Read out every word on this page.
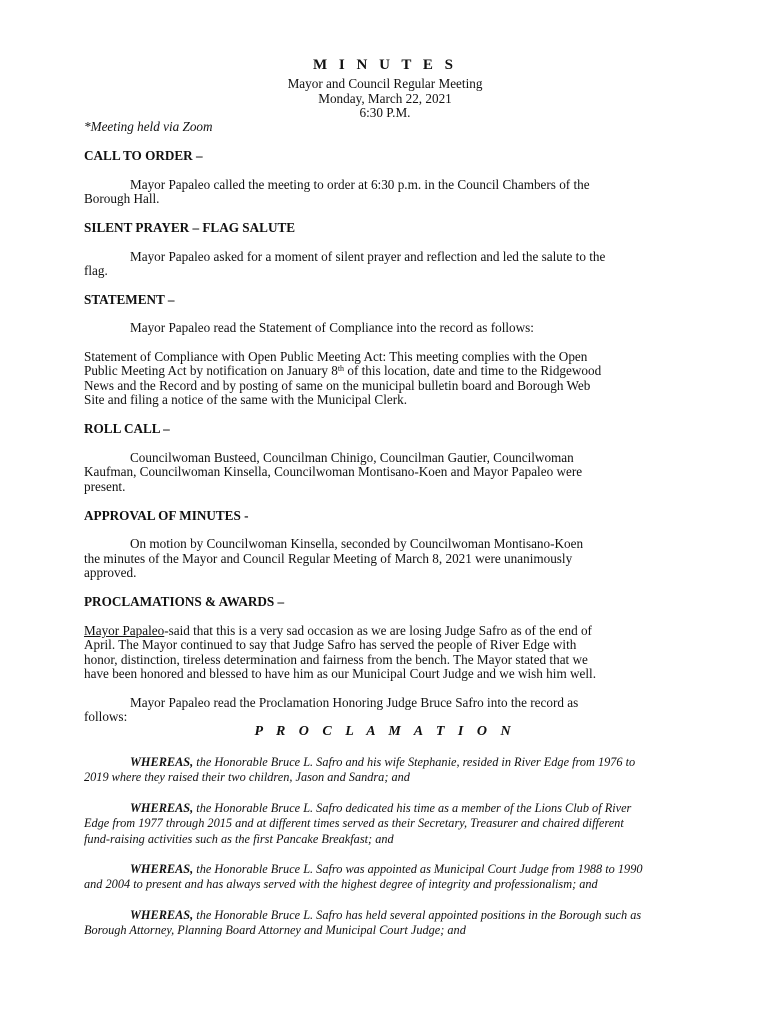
M I N U T E S
Mayor and Council Regular Meeting
Monday, March 22, 2021
6:30 P.M.
*Meeting held via Zoom
CALL TO ORDER –
Mayor Papaleo called the meeting to order at 6:30 p.m. in the Council Chambers of the
Borough Hall.
SILENT PRAYER – FLAG SALUTE
Mayor Papaleo asked for a moment of silent prayer and reflection and led the salute to the
flag.
STATEMENT –
Mayor Papaleo read the Statement of Compliance into the record as follows:
Statement of Compliance with Open Public Meeting Act: This meeting complies with the Open
Public Meeting Act by notification on January 8th of this location, date and time to the Ridgewood
News and the Record and by posting of same on the municipal bulletin board and Borough Web
Site and filing a notice of the same with the Municipal Clerk.
ROLL CALL –
Councilwoman Busteed, Councilman Chinigo, Councilman Gautier, Councilwoman
Kaufman, Councilwoman Kinsella, Councilwoman Montisano-Koen and Mayor Papaleo were
present.
APPROVAL OF MINUTES -
On motion by Councilwoman Kinsella, seconded by Councilwoman Montisano-Koen
the minutes of the Mayor and Council Regular Meeting of March 8, 2021 were unanimously
approved.
PROCLAMATIONS & AWARDS –
Mayor Papaleo-said that this is a very sad occasion as we are losing Judge Safro as of the end of
April. The Mayor continued to say that Judge Safro has served the people of River Edge with
honor, distinction, tireless determination and fairness from the bench. The Mayor stated that we
have been honored and blessed to have him as our Municipal Court Judge and we wish him well.
Mayor Papaleo read the Proclamation Honoring Judge Bruce Safro into the record as
follows:
P R O C L A M A T I O N
WHEREAS, the Honorable Bruce L. Safro and his wife Stephanie, resided in River Edge from 1976 to
2019 where they raised their two children, Jason and Sandra; and
WHEREAS, the Honorable Bruce L. Safro dedicated his time as a member of the Lions Club of River
Edge from 1977 through 2015 and at different times served as their Secretary, Treasurer and chaired different
fund-raising activities such as the first Pancake Breakfast; and
WHEREAS, the Honorable Bruce L. Safro was appointed as Municipal Court Judge from 1988 to 1990
and 2004 to present and has always served with the highest degree of integrity and professionalism; and
WHEREAS, the Honorable Bruce L. Safro has held several appointed positions in the Borough such as
Borough Attorney, Planning Board Attorney and Municipal Court Judge; and
